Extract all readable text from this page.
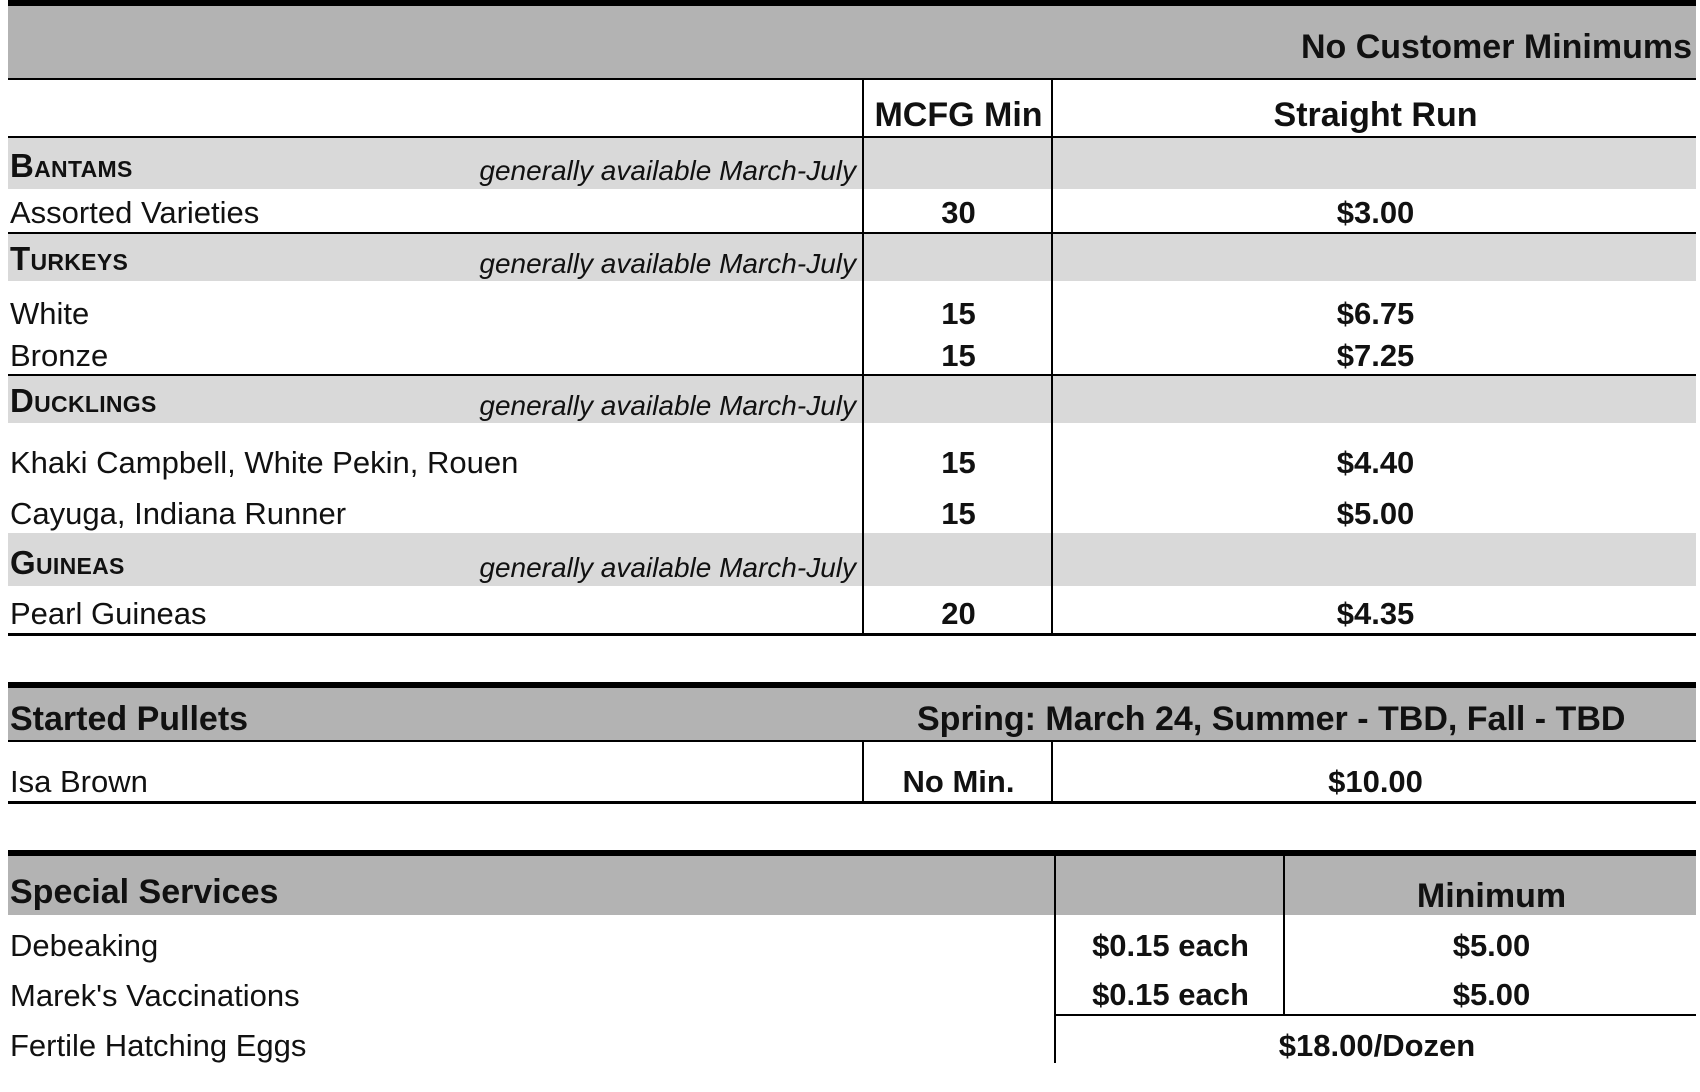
No Customer Minimums		
	MCFG Min	Straight Run
Bantams generally available March-July		

Assorted Varieties	30	$3.00
Turkeys generally available March-July		

White	15	$6.75
Bronze	15	$7.25
Ducklings generally available March-July		

Khaki Campbell, White Pekin, Rouen	15	$4.40
Cayuga, Indiana Runner	15	$5.00
Guineas generally available March-July		

Pearl Guineas	20	$4.35
Started Pullets	Spring: March 24, Summer - TBD, Fall - TBD	
Isa Brown	No Min.	$10.00
Special Services		Minimum
Debeaking	$0.15 each	$5.00
Marek's Vaccinations	$0.15 each	$5.00
Fertile Hatching Eggs	$18.00/Dozen	
